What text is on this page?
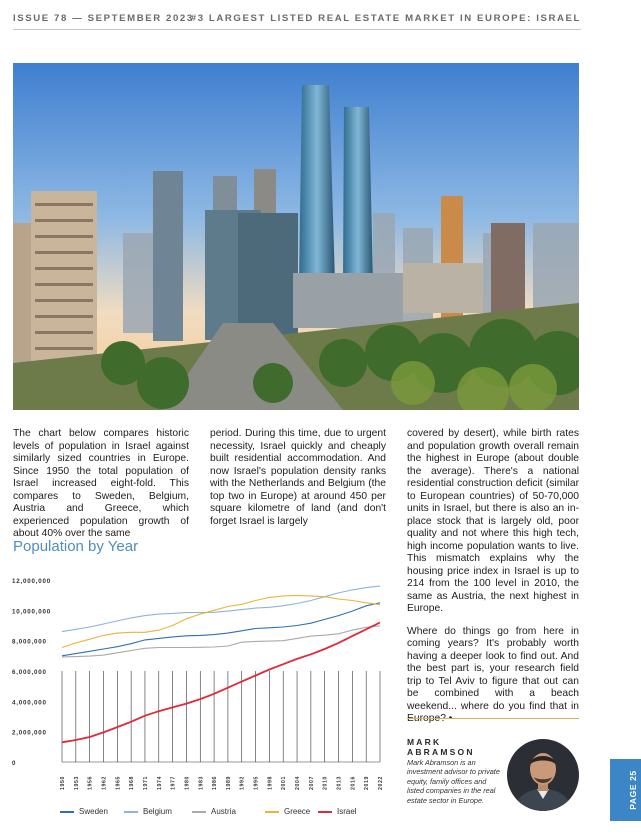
ISSUE 78 — SEPTEMBER 2023
#3 LARGEST LISTED REAL ESTATE MARKET IN EUROPE: ISRAEL

The chart below compares historic levels of population in Israel against similarly sized countries in Europe. Since 1950 the total population of Israel increased eight-fold. This compares to Sweden, Belgium, Austria and Greece, which experienced population growth of about 40% over the same

period. During this time, due to urgent necessity, Israel quickly and cheaply built residential accommodation. And now Israel's population density ranks with the Netherlands and Belgium (the top two in Europe) at around 450 per square kilometre of land (and don't forget Israel is largely

covered by desert), while birth rates and population growth overall remain the highest in Europe (about double the average). There's a national residential construction deficit (similar to European countries) of 50-70,000 units in Israel, but there is also an in-place stock that is largely old, poor quality and not where this high tech, high income population wants to live. This mismatch explains why the housing price index in Israel is up to 214 from the 100 level in 2010, the same as Austria, the next highest in Europe.

Where do things go from here in coming years? It's probably worth having a deeper look to find out. And the best part is, your research field trip to Tel Aviv to figure that out can be combined with a beach weekend... where do you find that in

Population by Year
12,000,000
10,000,000
8,000,000
6,000,000
4,000,000
2,000,000
0
1950 1953 1956 1962 1965 1968 1971 1974 1977 1980 1983 1986 1989 1992 1995 1998 2001 2004 2007 2010 2013 2016 2019 2022
Sweden	Belgium	Austria	Greece	Israel

MARK
ABRAMSON

Mark Abramson is an investment advisor to private equity, family offices and listed companies in the real estate sector in Europe.	PAGE 25
